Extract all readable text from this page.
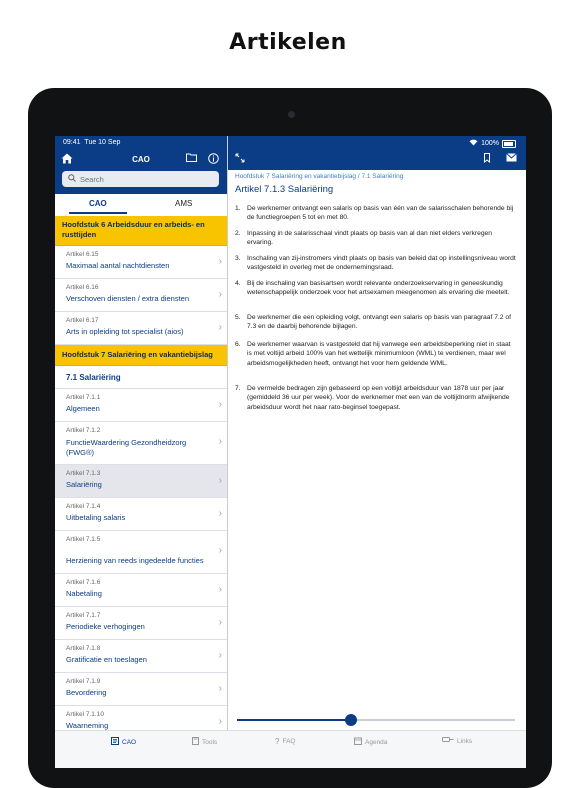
Artikelen
09:41 Tue 10 Sep	100%
CAO
Search
CAO	AMS
Hoofdstuk 6 Arbeidsduur en arbeids- en rusttijden
Artikel 6.15
Maximaal aantal nachtdiensten	›
Artikel 6.16
Verschoven diensten / extra diensten	›
Artikel 6.17
Arts in opleiding tot specialist (aios)	›
Hoofdstuk 7 Salariëring en vakantiebijslag
7.1 Salariëring
Artikel 7.1.1
Algemeen	›
Artikel 7.1.2
FunctieWaardering Gezondheidzorg (FWG®)
›
Artikel 7.1.3
Salariëring	›
Artikel 7.1.4
Uitbetaling salaris	›
Artikel 7.1.5
Herziening van reeds ingedeelde functies
›
Artikel 7.1.6
Nabetaling	›
Artikel 7.1.7
Periodieke verhogingen	›
Artikel 7.1.8
Gratificatie en toeslagen	›
Artikel 7.1.9
Bevordering	›
Artikel 7.1.10
Waarneming	›
Hoofdstuk 7 Salariëring en vakantiebijslag / 7.1 Salariëring
Artikel 7.1.3 Salariëring
1. De werknemer ontvangt een salaris op basis van één van de salarisschalen behorende bij de functiegroepen 5 tot en met 80.
2. Inpassing in de salarisschaal vindt plaats op basis van al dan niet elders verkregen ervaring.
3. Inschaling van zij-instromers vindt plaats op basis van beleid dat op instellingsniveau wordt vastgesteld in overleg met de ondernemingsraad.
4. Bij de inschaling van basisartsen wordt relevante onderzoekservaring in geneeskundig wetenschappelijk onderzoek voor het artsexamen meegenomen als ervaring die meetelt.
5. De werknemer die een opleiding volgt, ontvangt een salaris op basis van paragraaf 7.2 of 7.3 en de daarbij behorende bijlagen.
6. De werknemer waarvan is vastgesteld dat hij vanwege een arbeidsbeperking niet in staat is met voltijd arbeid 100% van het wettelijk minimumloon (WML) te verdienen, maar wel arbeidsmogelijkheden heeft, ontvangt het voor hem geldende WML.
7. De vermelde bedragen zijn gebaseerd op een voltijd arbeidsduur van 1878 uur per jaar (gemiddeld 36 uur per week). Voor de werknemer met een van de voltijdnorm afwijkende arbeidsduur wordt het naar rato-beginsel toegepast.
CAO	Tools	? FAQ	Agenda	Links
